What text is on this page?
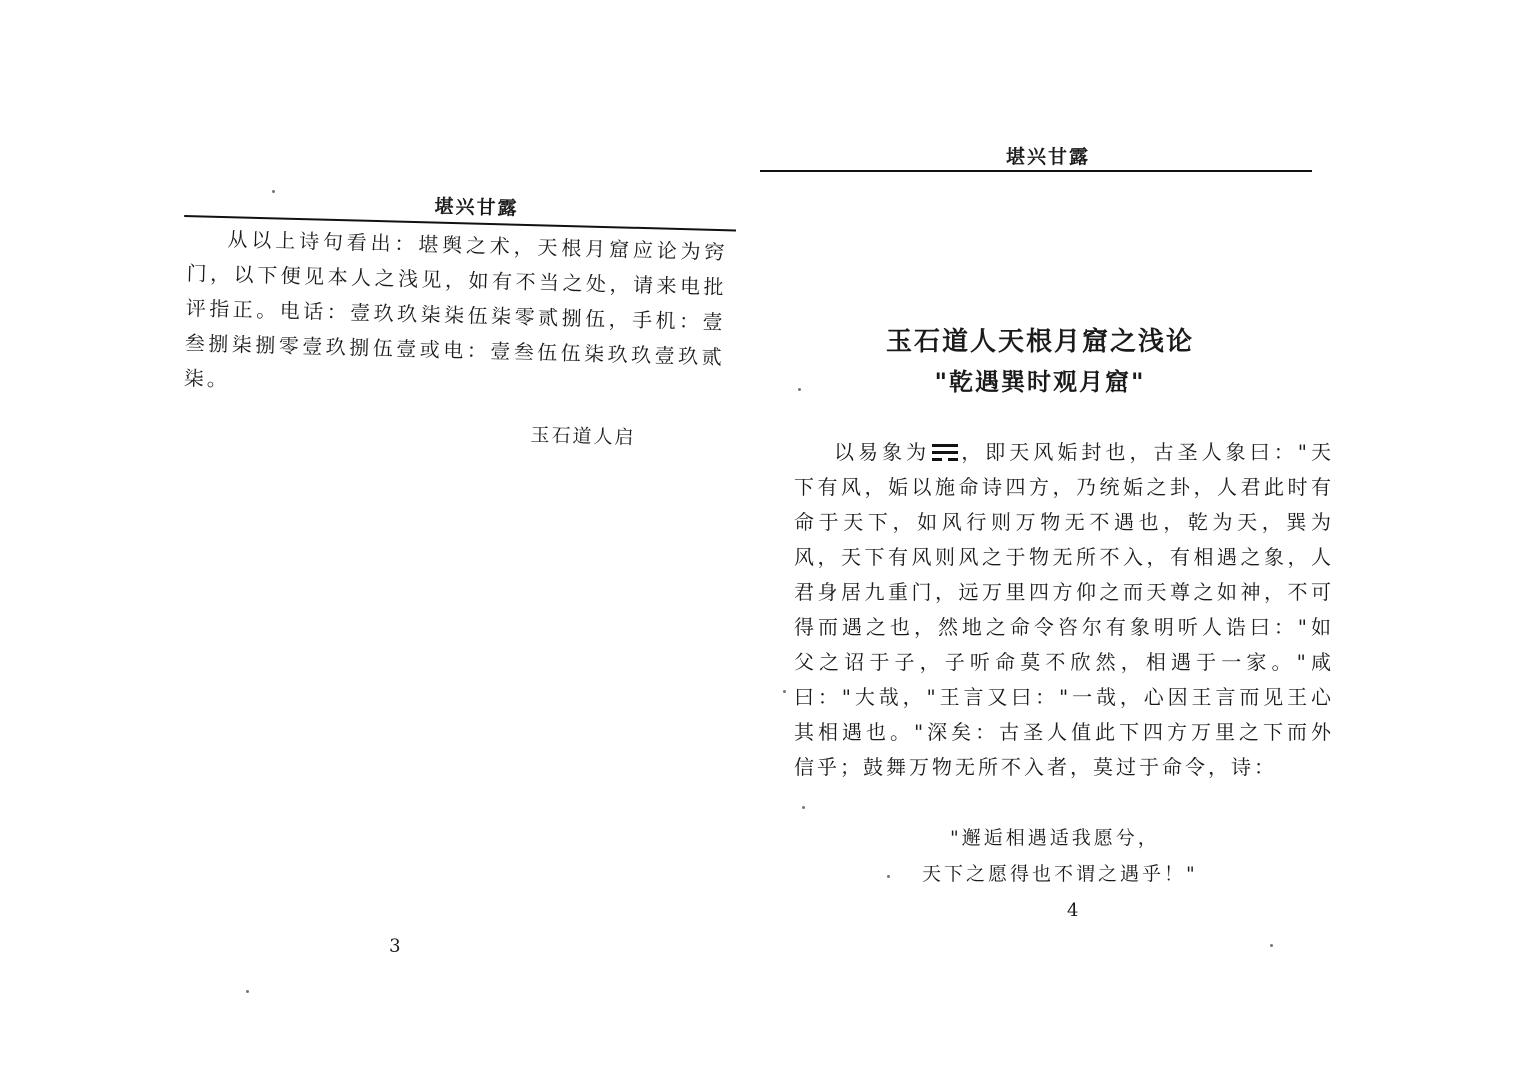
堪兴甘露
从以上诗句看出：堪舆之术，天根月窟应论为窍门，以下便见本人之浅见，如有不当之处，请来电批评指正。电话：壹玖玖柒柒伍柒零贰捌伍，手机：壹叁捌柒捌零壹玖捌伍壹或电：壹叁伍伍柒玖玖壹玖贰柒。
玉石道人启
3
堪兴甘露
玉石道人天根月窟之浅论
"乾遇巽时观月窟"
以易象为 ，即天风姤封也，古圣人象曰："天下有风，姤以施命诗四方，乃统姤之卦，人君此时有命于天下，如风行则万物无不遇也，乾为天，巽为风，天下有风则风之于物无所不入，有相遇之象，人君身居九重门，远万里四方仰之而天尊之如神，不可得而遇之也，然地之命令咨尔有象明听人诰曰："如父之诏于子，子听命莫不欣然，相遇于一家。"咸曰："大哉，"王言又曰："一哉，心因王言而见王心其相遇也。"深矣：古圣人值此下四方万里之下而外信乎；鼓舞万物无所不入者，莫过于命令，诗：
"邂逅相遇适我愿兮，
天下之愿得也不谓之遇乎！"
4
